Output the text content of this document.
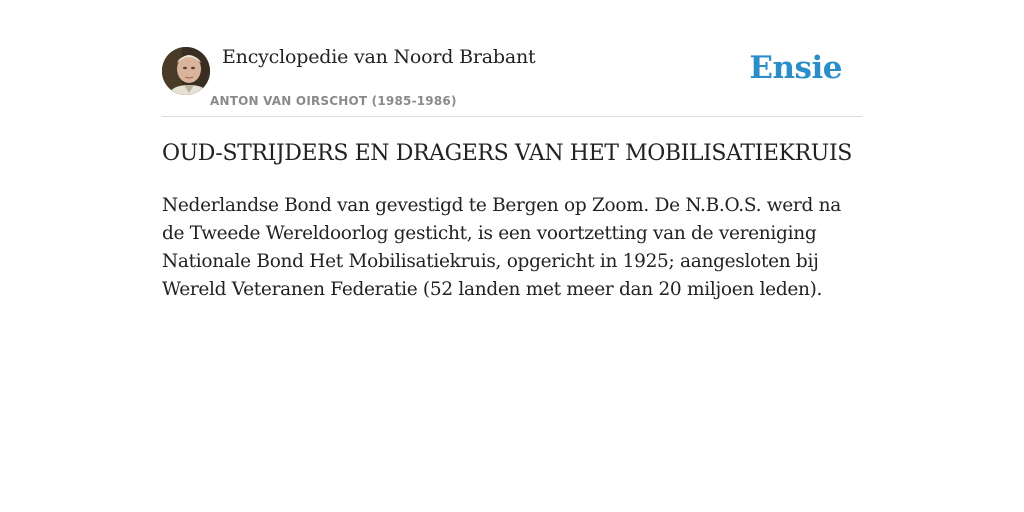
Encyclopedie van Noord Brabant
ANTON VAN OIRSCHOT (1985-1986)
Ensie
OUD-STRIJDERS EN DRAGERS VAN HET MOBILISATIEKRUIS

Nederlandse Bond van gevestigd te Bergen op Zoom. De N.B.O.S. werd na de Tweede Wereldoorlog gesticht, is een voortzetting van de vereniging Nationale Bond Het Mobilisatiekruis, opgericht in 1925; aangesloten bij Wereld Veteranen Federatie (52 landen met meer dan 20 miljoen leden).
